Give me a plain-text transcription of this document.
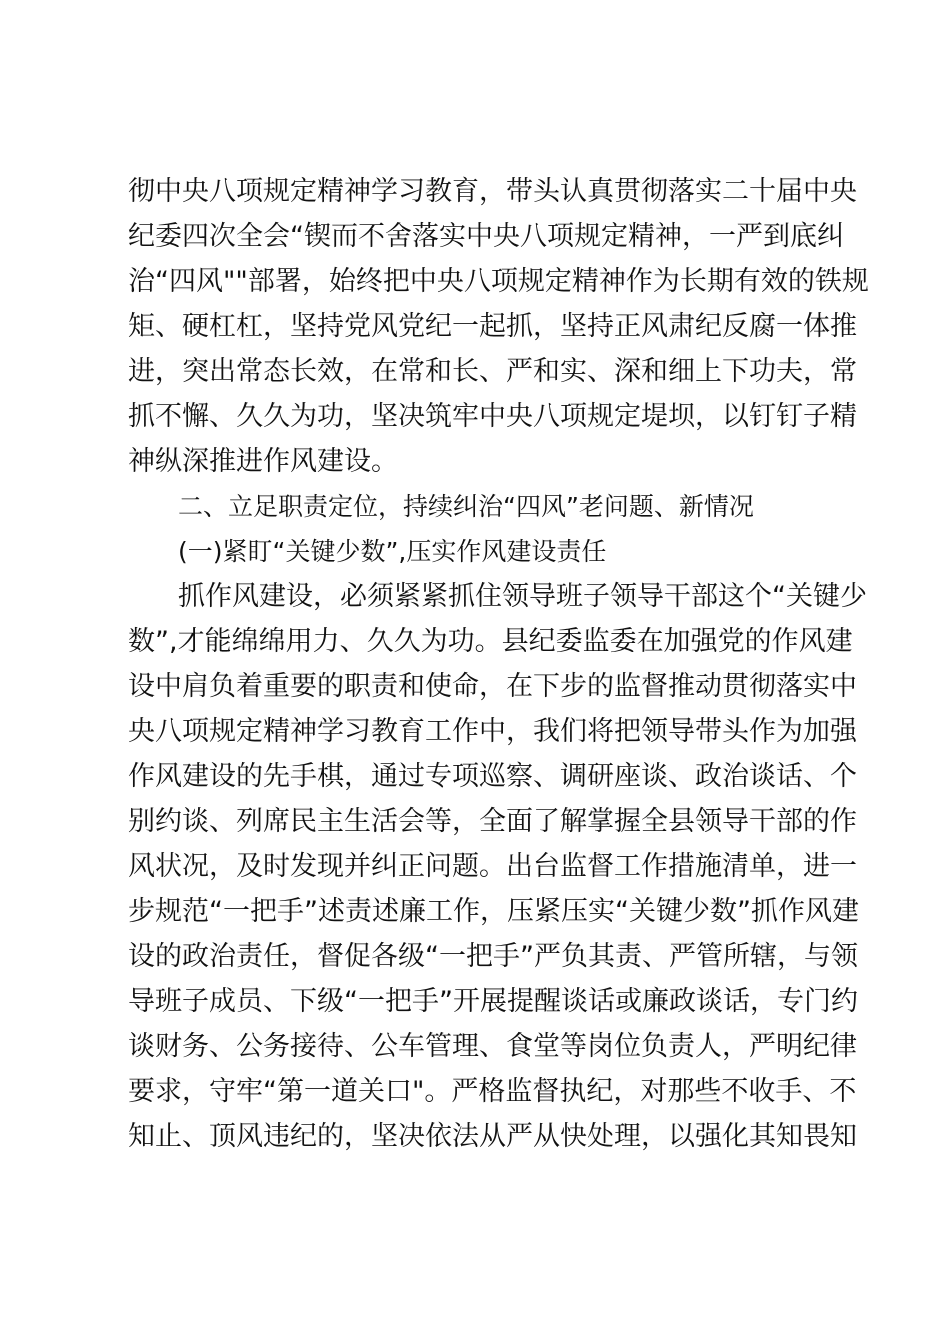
彻中央八项规定精神学习教育，带头认真贯彻落实二十届中央
纪委四次全会“锲而不舍落实中央八项规定精神，一严到底纠
治“四风""部署，始终把中央八项规定精神作为长期有效的铁规
矩、硬杠杠，坚持党风党纪一起抓，坚持正风肃纪反腐一体推
进，突出常态长效，在常和长、严和实、深和细上下功夫，常
抓不懈、久久为功，坚决筑牢中央八项规定堤坝，以钉钉子精
神纵深推进作风建设。
二、立足职责定位，持续纠治“四风”老问题、新情况
(一)紧盯“关键少数”,压实作风建设责任
抓作风建设，必须紧紧抓住领导班子领导干部这个“关键少
数”,才能绵绵用力、久久为功。县纪委监委在加强党的作风建
设中肩负着重要的职责和使命，在下步的监督推动贯彻落实中
央八项规定精神学习教育工作中，我们将把领导带头作为加强
作风建设的先手棋，通过专项巡察、调研座谈、政治谈话、个
别约谈、列席民主生活会等，全面了解掌握全县领导干部的作
风状况，及时发现并纠正问题。出台监督工作措施清单，进一
步规范“一把手”述责述廉工作，压紧压实“关键少数”抓作风建
设的政治责任，督促各级“一把手”严负其责、严管所辖，与领
导班子成员、下级“一把手”开展提醒谈话或廉政谈话，专门约
谈财务、公务接待、公车管理、食堂等岗位负责人，严明纪律
要求，守牢“第一道关口"。严格监督执纪，对那些不收手、不
知止、顶风违纪的，坚决依法从严从快处理，以强化其知畏知
